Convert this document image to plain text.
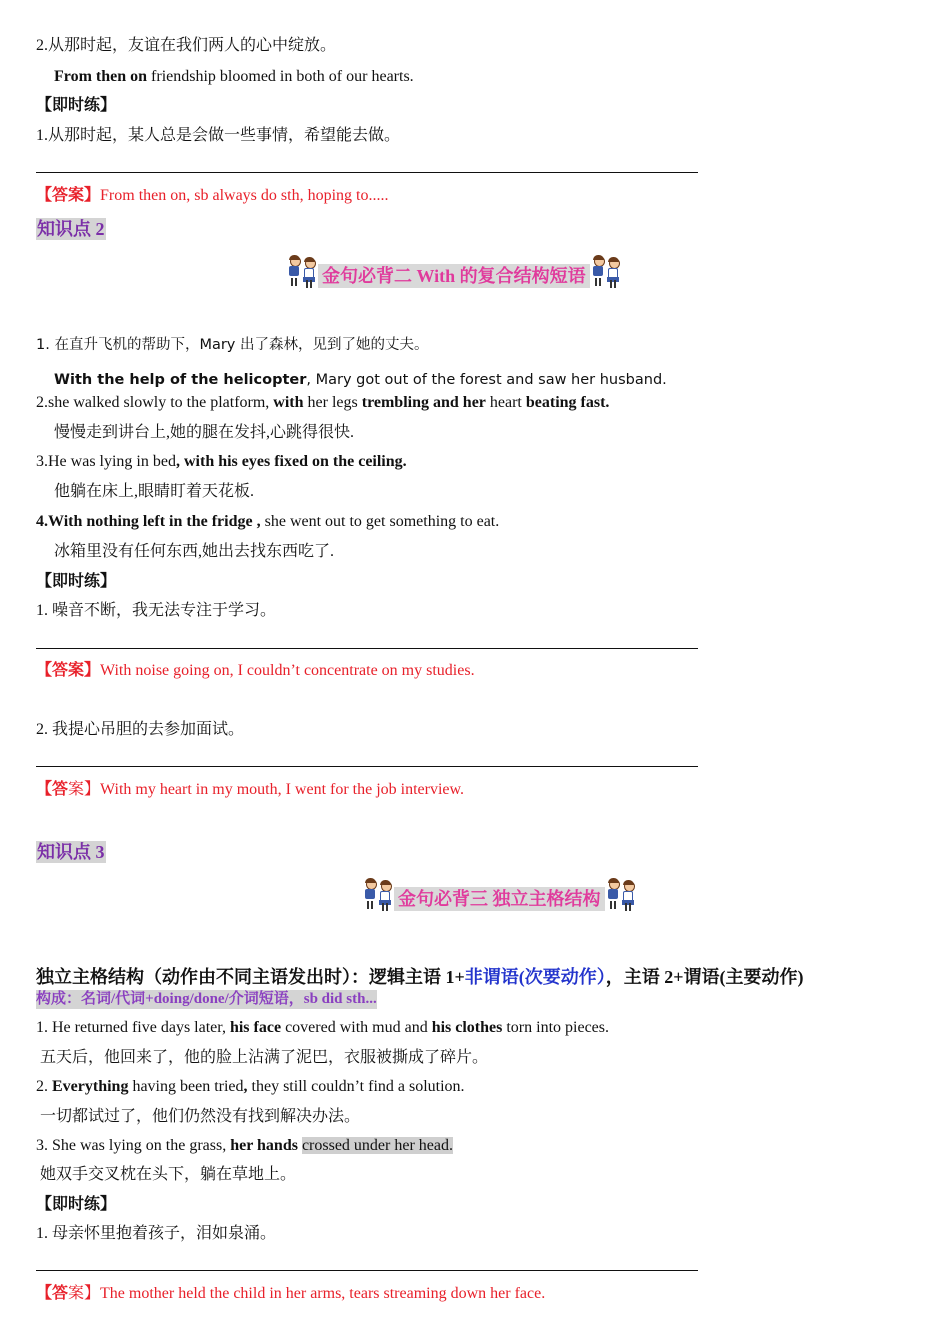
2.从那时起，友谊在我们两人的心中绽放。
From then on friendship bloomed in both of our hearts.
【即时练】
1.从那时起，某人总是会做一些事情，希望能去做。
【答案】From then on, sb always do sth, hoping to.....
知识点 2
金句必背二 With 的复合结构短语
1. 在直升飞机的帮助下，Mary 出了森林，见到了她的丈夫。
With the help of the helicopter, Mary got out of the forest and saw her husband.
2.she walked slowly to the platform, with her legs trembling and her heart beating fast.
慢慢走到讲台上,她的腿在发抖,心跳得很快.
3.He was lying in bed, with his eyes fixed on the ceiling.
他躺在床上,眼睛盯着天花板.
4.With nothing left in the fridge , she went out to get something to eat.
冰箱里没有任何东西,她出去找东西吃了.
【即时练】
1. 噪音不断，我无法专注于学习。
【答案】With noise going on, I couldn’t concentrate on my studies.
2. 我提心吊胆的去参加面试。
【答案】With my heart in my mouth, I went for the job interview.
知识点 3
金句必背三 独立主格结构
独立主格结构（动作由不同主语发出时）：逻辑主语 1+非谓语(次要动作），主语 2+谓语(主要动作)
构成：名词/代词+doing/done/介词短语，sb did sth...
1. He returned five days later, his face covered with mud and his clothes torn into pieces.
五天后，他回来了，他的脸上沾满了泥巴，衣服被撕成了碎片。
2. Everything having been tried, they still couldn’t find a solution.
一切都试过了，他们仍然没有找到解决办法。
3. She was lying on the grass, her hands crossed under her head.
她双手交叉枕在头下，躺在草地上。
【即时练】
1. 母亲怀里抱着孩子，泪如泉涌。
【答案】The mother held the child in her arms, tears streaming down her face.
